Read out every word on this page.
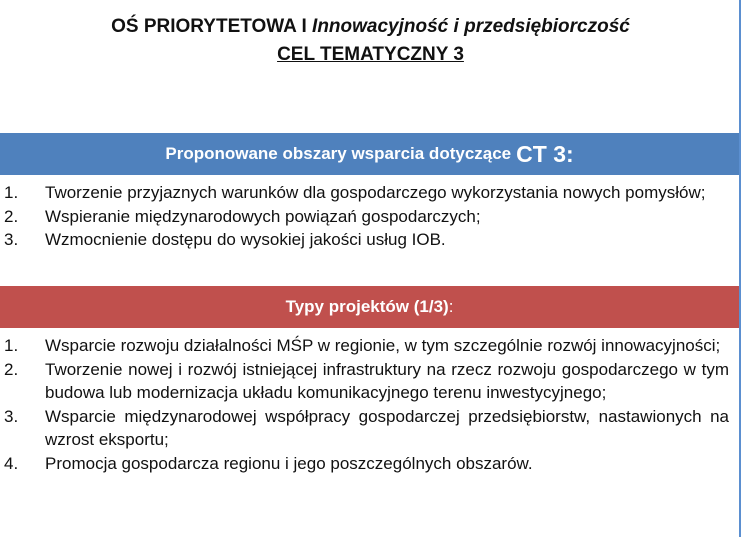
OŚ PRIORYTETOWA I Innowacyjność i przedsiębiorczość
CEL TEMATYCZNY 3
Proponowane obszary wsparcia dotyczące CT 3:
1. Tworzenie przyjaznych warunków dla gospodarczego wykorzystania nowych pomysłów;
2. Wspieranie międzynarodowych powiązań gospodarczych;
3. Wzmocnienie dostępu do wysokiej jakości usług IOB.
Typy projektów (1/3) :
1. Wsparcie rozwoju działalności MŚP w regionie, w tym szczególnie rozwój innowacyjności;
2. Tworzenie nowej i rozwój istniejącej infrastruktury na rzecz rozwoju gospodarczego w tym budowa lub modernizacja układu komunikacyjnego terenu inwestycyjnego;
3. Wsparcie międzynarodowej współpracy gospodarczej przedsiębiorstw, nastawionych na wzrost eksportu;
4. Promocja gospodarcza regionu i jego poszczególnych obszarów.
